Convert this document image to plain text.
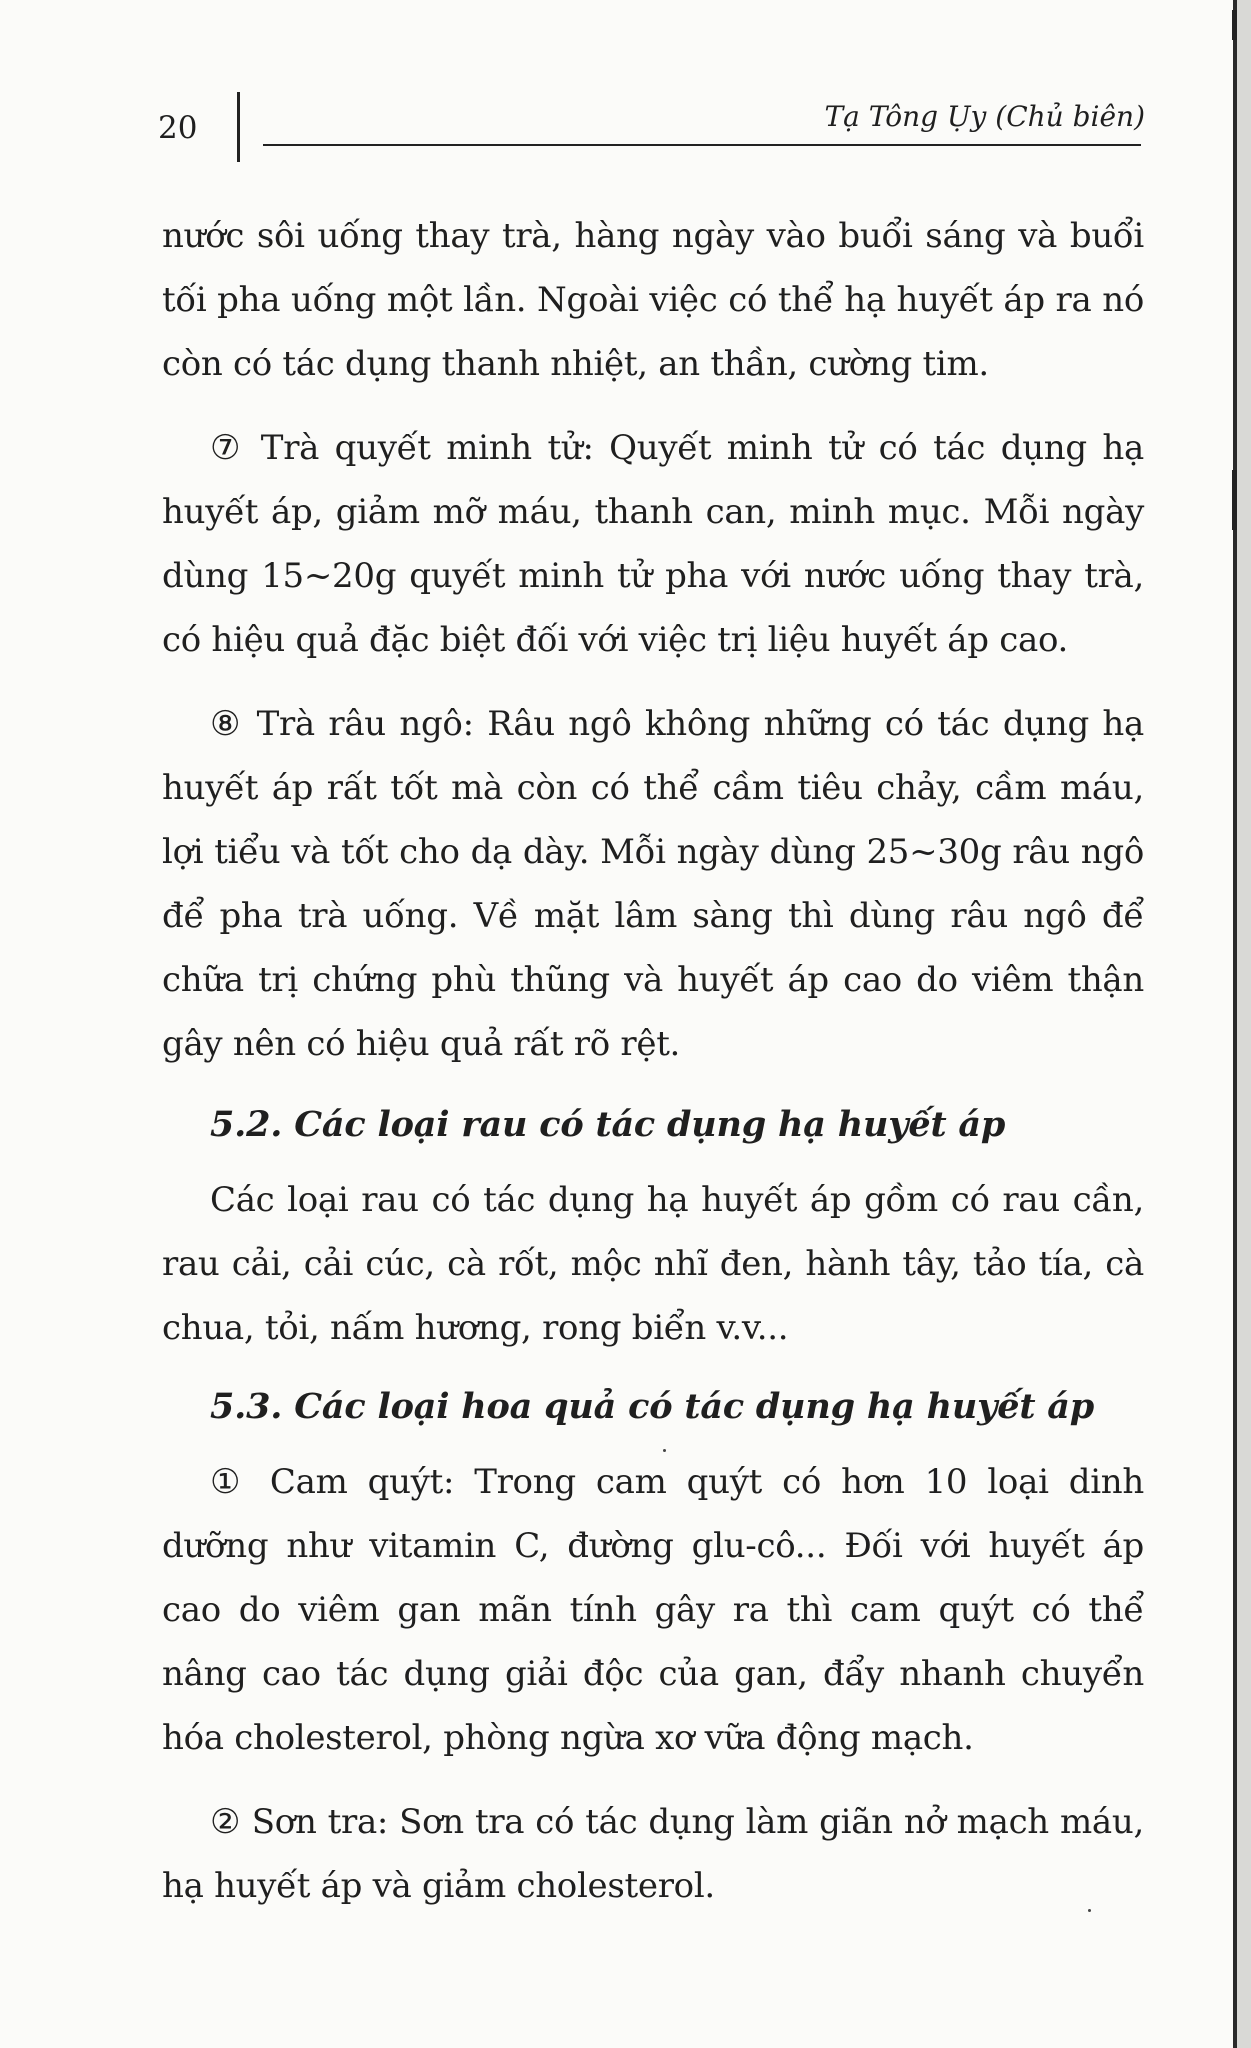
20	Tạ Tông Ụy (Chủ biên)

nước sôi uống thay trà, hàng ngày vào buổi sáng và buổi tối pha uống một lần. Ngoài việc có thể hạ huyết áp ra nó còn có tác dụng thanh nhiệt, an thần, cường tim.

⑦ Trà quyết minh tử: Quyết minh tử có tác dụng hạ huyết áp, giảm mỡ máu, thanh can, minh mục. Mỗi ngày dùng 15~20g quyết minh tử pha với nước uống thay trà, có hiệu quả đặc biệt đối với việc trị liệu huyết áp cao.

⑧ Trà râu ngô: Râu ngô không những có tác dụng hạ huyết áp rất tốt mà còn có thể cầm tiêu chảy, cầm máu, lợi tiểu và tốt cho dạ dày. Mỗi ngày dùng 25~30g râu ngô để pha trà uống. Về mặt lâm sàng thì dùng râu ngô để chữa trị chứng phù thũng và huyết áp cao do viêm thận gây nên có hiệu quả rất rõ rệt.

5.2. Các loại rau có tác dụng hạ huyết áp

Các loại rau có tác dụng hạ huyết áp gồm có rau cần, rau cải, cải cúc, cà rốt, mộc nhĩ đen, hành tây, tảo tía, cà chua, tỏi, nấm hương, rong biển v.v...

5.3. Các loại hoa quả có tác dụng hạ huyết áp

① Cam quýt: Trong cam quýt có hơn 10 loại dinh dưỡng như vitamin C, đường glu-cô... Đối với huyết áp cao do viêm gan mãn tính gây ra thì cam quýt có thể nâng cao tác dụng giải độc của gan, đẩy nhanh chuyển hóa cholesterol, phòng ngừa xơ vữa động mạch.

② Sơn tra: Sơn tra có tác dụng làm giãn nở mạch máu, hạ huyết áp và giảm cholesterol.
